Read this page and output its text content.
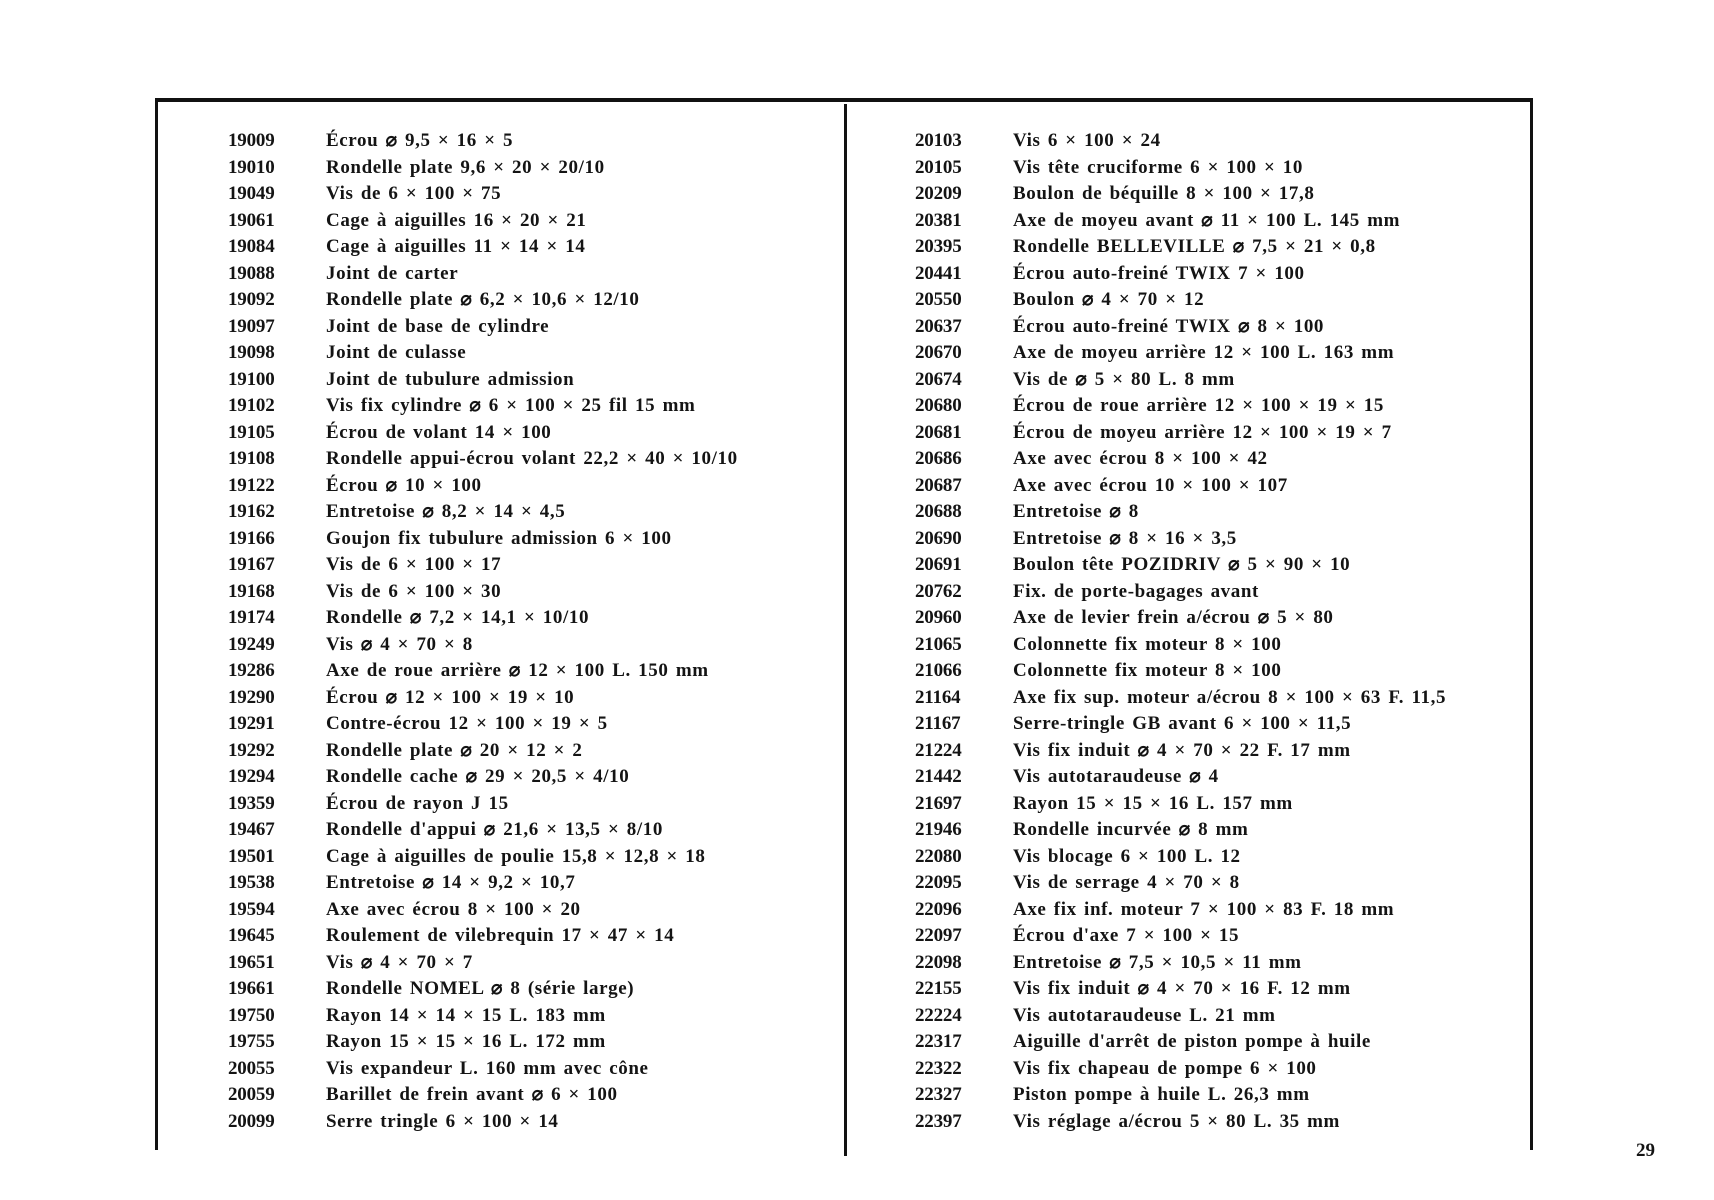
19009	Écrou ⌀ 9,5 × 16 × 5
19010	Rondelle plate 9,6 × 20 × 20/10
19049	Vis de 6 × 100 × 75
19061	Cage à aiguilles 16 × 20 × 21
19084	Cage à aiguilles 11 × 14 × 14
19088	Joint de carter
19092	Rondelle plate ⌀ 6,2 × 10,6 × 12/10
19097	Joint de base de cylindre
19098	Joint de culasse
19100	Joint de tubulure admission
19102	Vis fix cylindre ⌀ 6 × 100 × 25 fil 15 mm
19105	Écrou de volant 14 × 100
19108	Rondelle appui-écrou volant 22,2 × 40 × 10/10
19122	Écrou ⌀ 10 × 100
19162	Entretoise ⌀ 8,2 × 14 × 4,5
19166	Goujon fix tubulure admission 6 × 100
19167	Vis de 6 × 100 × 17
19168	Vis de 6 × 100 × 30
19174	Rondelle ⌀ 7,2 × 14,1 × 10/10
19249	Vis ⌀ 4 × 70 × 8
19286	Axe de roue arrière ⌀ 12 × 100 L. 150 mm
19290	Écrou ⌀ 12 × 100 × 19 × 10
19291	Contre-écrou 12 × 100 × 19 × 5
19292	Rondelle plate ⌀ 20 × 12 × 2
19294	Rondelle cache ⌀ 29 × 20,5 × 4/10
19359	Écrou de rayon J 15
19467	Rondelle d'appui ⌀ 21,6 × 13,5 × 8/10
19501	Cage à aiguilles de poulie 15,8 × 12,8 × 18
19538	Entretoise ⌀ 14 × 9,2 × 10,7
19594	Axe avec écrou 8 × 100 × 20
19645	Roulement de vilebrequin 17 × 47 × 14
19651	Vis ⌀ 4 × 70 × 7
19661	Rondelle NOMEL ⌀ 8 (série large)
19750	Rayon 14 × 14 × 15 L. 183 mm
19755	Rayon 15 × 15 × 16 L. 172 mm
20055	Vis expandeur L. 160 mm avec cône
20059	Barillet de frein avant ⌀ 6 × 100
20099	Serre tringle 6 × 100 × 14
20103	Vis 6 × 100 × 24
20105	Vis tête cruciforme 6 × 100 × 10
20209	Boulon de béquille 8 × 100 × 17,8
20381	Axe de moyeu avant ⌀ 11 × 100 L. 145 mm
20395	Rondelle BELLEVILLE ⌀ 7,5 × 21 × 0,8
20441	Écrou auto-freiné TWIX 7 × 100
20550	Boulon ⌀ 4 × 70 × 12
20637	Écrou auto-freiné TWIX ⌀ 8 × 100
20670	Axe de moyeu arrière 12 × 100 L. 163 mm
20674	Vis de ⌀ 5 × 80 L. 8 mm
20680	Écrou de roue arrière 12 × 100 × 19 × 15
20681	Écrou de moyeu arrière 12 × 100 × 19 × 7
20686	Axe avec écrou 8 × 100 × 42
20687	Axe avec écrou 10 × 100 × 107
20688	Entretoise ⌀ 8
20690	Entretoise ⌀ 8 × 16 × 3,5
20691	Boulon tête POZIDRIV ⌀ 5 × 90 × 10
20762	Fix. de porte-bagages avant
20960	Axe de levier frein a/écrou ⌀ 5 × 80
21065	Colonnette fix moteur 8 × 100
21066	Colonnette fix moteur 8 × 100
21164	Axe fix sup. moteur a/écrou 8 × 100 × 63 F. 11,5
21167	Serre-tringle GB avant 6 × 100 × 11,5
21224	Vis fix induit ⌀ 4 × 70 × 22 F. 17 mm
21442	Vis autotaraudeuse ⌀ 4
21697	Rayon 15 × 15 × 16 L. 157 mm
21946	Rondelle incurvée ⌀ 8 mm
22080	Vis blocage 6 × 100 L. 12
22095	Vis de serrage 4 × 70 × 8
22096	Axe fix inf. moteur 7 × 100 × 83 F. 18 mm
22097	Écrou d'axe 7 × 100 × 15
22098	Entretoise ⌀ 7,5 × 10,5 × 11 mm
22155	Vis fix induit ⌀ 4 × 70 × 16 F. 12 mm
22224	Vis autotaraudeuse L. 21 mm
22317	Aiguille d'arrêt de piston pompe à huile
22322	Vis fix chapeau de pompe 6 × 100
22327	Piston pompe à huile L. 26,3 mm
22397	Vis réglage a/écrou 5 × 80 L. 35 mm
29
